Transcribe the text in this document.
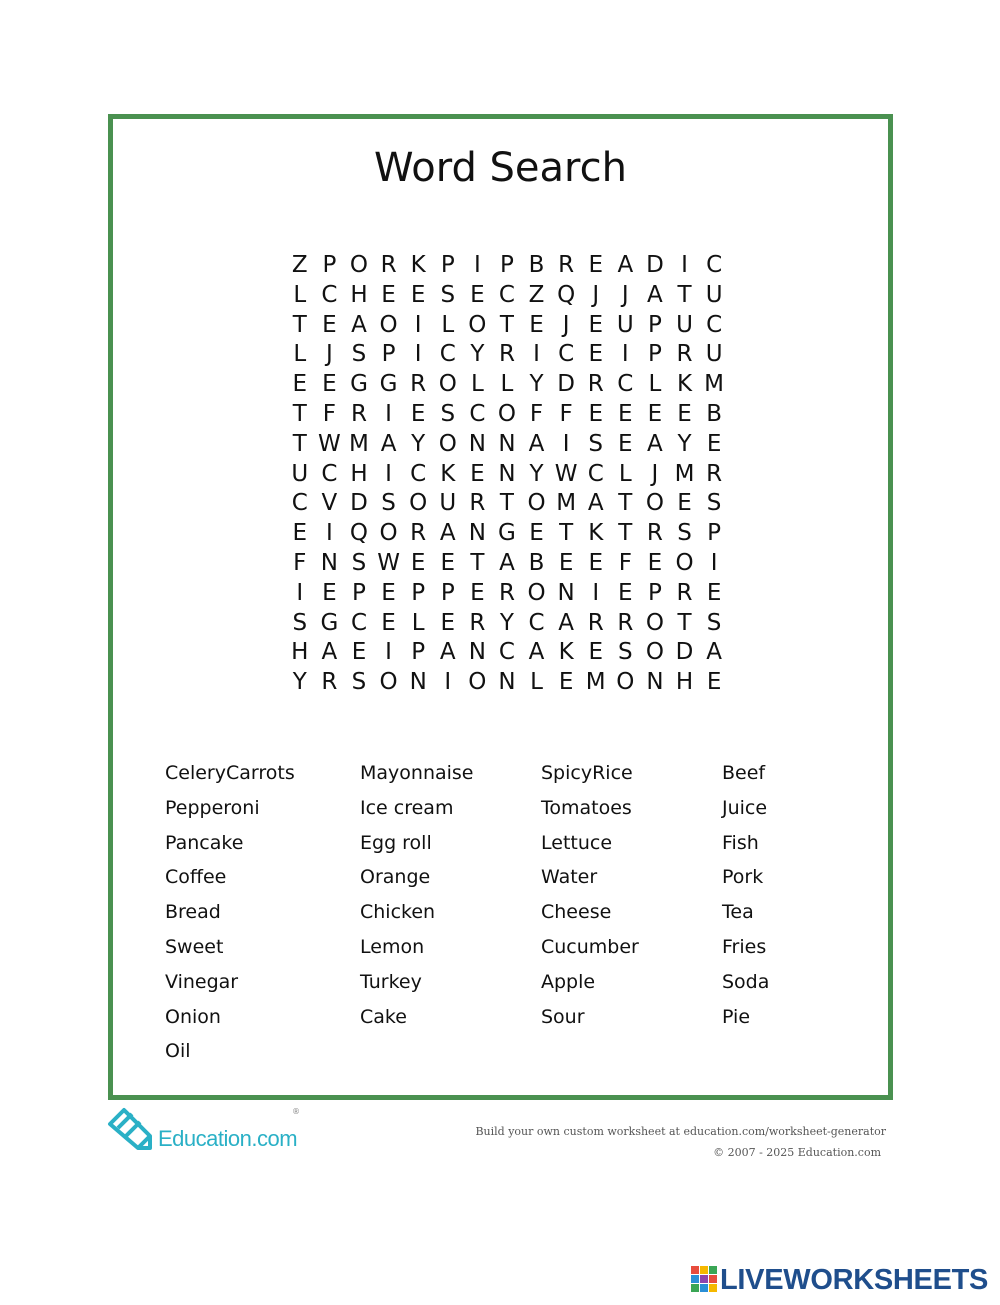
Word Search
Z P O R K P I P B R E A D I C
L C H E E S E C Z Q J J A T U
T E A O I L O T E J E U P U C
L J S P I C Y R I C E I P R U
E E G G R O L L Y D R C L K M
T F R I E S C O F F E E E E B
T W M A Y O N N A I S E A Y E
U C H I C K E N Y W C L J M R
C V D S O U R T O M A T O E S
E I Q O R A N G E T K T R S P
F N S W E E T A B E E F E O I
I E P E P P E R O N I E P R E
S G C E L E R Y C A R R O T S
H A E I P A N C A K E S O D A
Y R S O N I O N L E M O N H E
CeleryCarrots	Mayonnaise	SpicyRice	Beef
Pepperoni	Ice cream	Tomatoes	Juice
Pancake	Egg roll	Lettuce	Fish
Coffee	Orange	Water	Pork
Bread	Chicken	Cheese	Tea
Sweet	Lemon	Cucumber	Fries
Vinegar	Turkey	Apple	Soda
Onion	Cake	Sour	Pie
Oil
Education.com
®
Build your own custom worksheet at education.com/worksheet-generator
© 2007 - 2025 Education.com
LIVEWORKSHEETS
